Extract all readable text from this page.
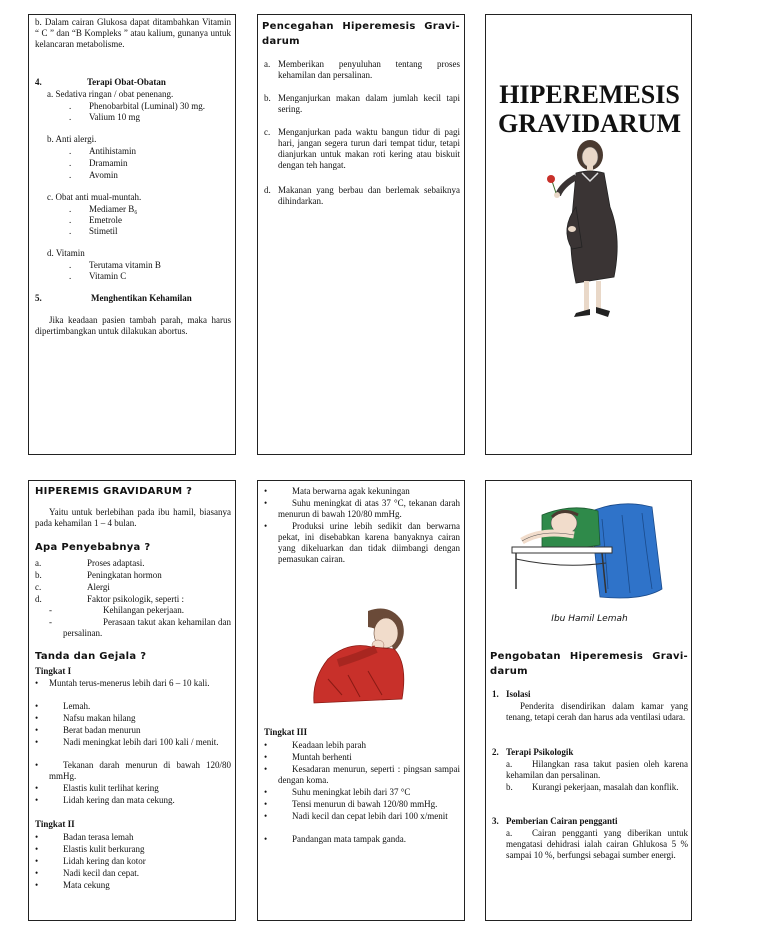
b. Dalam cairan Glukosa dapat ditambahkan Vitamin “ C ” dan “B Kompleks ” atau kalium, gunanya untuk kelancaran metabolisme.
4.	Terapi Obat-Obatan
a. Sedativa ringan / obat penenang.
. Phenobarbital (Luminal) 30 mg.
. Valium 10 mg
b. Anti alergi.
. Antihistamin
. Dramamin
. Avomin
c. Obat anti mual-muntah.
. Mediamer B₆
. Emetrole
. Stimetil
d. Vitamin
. Terutama vitamin B
. Vitamin C
5.	Menghentikan Kehamilan
Jika keadaan pasien tambah parah, maka harus dipertimbangkan untuk dilakukan abortus.
Pencegahan Hiperemesis Gravi-darum
a. Memberikan penyuluhan tentang proses kehamilan dan persalinan.
b. Menganjurkan makan dalam jumlah kecil tapi sering.
c. Menganjurkan pada waktu bangun tidur di pagi hari, jangan segera turun dari tempat tidur, tetapi dianjurkan untuk makan roti kering atau biskuit dengan teh hangat.
d. Makanan yang berbau dan berlemak sebaiknya dihindarkan.
HIPEREMESIS
GRAVIDARUM
HIPEREMIS GRAVIDARUM ?
Yaitu untuk berlebihan pada ibu hamil, biasanya pada kehamilan 1 – 4 bulan.
Apa Penyebabnya ?
a.	Proses adaptasi.
b.	Peningkatan hormon
c.	Alergi
d.	Faktor psikologik, seperti :
-	Kehilangan pekerjaan.
-	Perasaan takut akan kehamilan dan persalinan.
Tanda dan Gejala ?
Tingkat I
• Muntah terus-menerus lebih dari 6 – 10 kali.
•	Lemah.
•	Nafsu makan hilang
•	Berat badan menurun
•	Nadi meningkat lebih dari 100 kali / menit.
•	Tekanan darah menurun di bawah 120/80 mmHg.
•	Elastis kulit terlihat kering
•	Lidah kering dan mata cekung.
Tingkat II
•	Badan terasa lemah
•	Elastis kulit berkurang
•	Lidah kering dan kotor
•	Nadi kecil dan cepat.
•	Mata cekung
•	Mata berwarna agak kekuningan
•	Suhu meningkat di atas 37 °C, tekanan darah menurun di bawah 120/80 mmHg.
•	Produksi urine lebih sedikit dan berwarna pekat, ini disebabkan karena banyaknya cairan yang dikeluarkan dan tidak diimbangi dengan pemasukan cairan.
Tingkat III
•	Keadaan lebih parah
•	Muntah berhenti
•	Kesadaran menurun, seperti : pingsan sampai dengan koma.
•	Suhu meningkat lebih dari 37 °C
•	Tensi menurun di bawah 120/80 mmHg.
•	Nadi kecil dan cepat lebih dari 100 x/menit
•	Pandangan mata tampak ganda.
Ibu Hamil Lemah
Pengobatan Hiperemesis Gravi-darum
1. Isolasi
Penderita disendirikan dalam kamar yang tenang, tetapi cerah dan harus ada ventilasi udara.
2. Terapi Psikologik
a.	Hilangkan rasa takut pasien oleh karena kehamilan dan persalinan.
b.	Kurangi pekerjaan, masalah dan konflik.
3. Pemberian Cairan pengganti
a.	Cairan pengganti yang diberikan untuk mengatasi dehidrasi ialah cairan Ghlukosa 5 % sampai 10 %, berfungsi sebagai sumber energi.
